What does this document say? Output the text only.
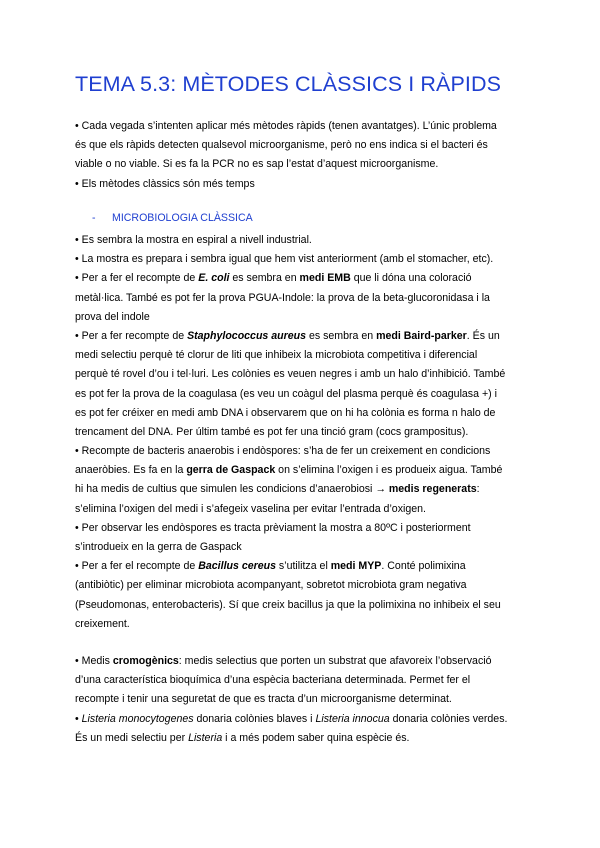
TEMA 5.3: MÈTODES CLÀSSICS I RÀPIDS
• Cada vegada s’intenten aplicar més mètodes ràpids (tenen avantatges). L’únic problema
és que els ràpids detecten qualsevol microorganisme, però no ens indica si el bacteri és
viable o no viable. Si es fa la PCR no es sap l’estat d’aquest microorganisme.
• Els mètodes clàssics són més temps
- MICROBIOLOGIA CLÀSSICA
• Es sembra la mostra en espiral a nivell industrial.
• La mostra es prepara i sembra igual que hem vist anteriorment (amb el stomacher, etc).
• Per a fer el recompte de E. coli es sembra en medi EMB que li dóna una coloració
metàl·lica. També es pot fer la prova PGUA-Indole: la prova de la beta-glucoronidasa i la
prova del indole
• Per a fer recompte de Staphylococcus aureus es sembra en medi Baird-parker. És un
medi selectiu perquè té clorur de liti que inhibeix la microbiota competitiva i diferencial
perquè té rovel d’ou i tel·luri. Les colònies es veuen negres i amb un halo d’inhibició. També
es pot fer la prova de la coagulasa (es veu un coàgul del plasma perquè és coagulasa +) i
es pot fer créixer en medi amb DNA i observarem que on hi ha colònia es forma n halo de
trencament del DNA. Per últim també es pot fer una tinció gram (cocs grampositus).
• Recompte de bacteris anaerobis i endòspores: s’ha de fer un creixement en condicions
anaeròbies. Es fa en la gerra de Gaspack on s’elimina l’oxigen i es produeix aigua. També
hi ha medis de cultius que simulen les condicions d’anaerobiosi → medis regenerats:
s’elimina l’oxigen del medi i s’afegeix vaselina per evitar l’entrada d’oxigen.
• Per observar les endòspores es tracta prèviament la mostra a 80ºC i posteriorment
s’introdueix en la gerra de Gaspack
• Per a fer el recompte de Bacillus cereus s’utilitza el medi MYP. Conté polimixina
(antibiòtic) per eliminar microbiota acompanyant, sobretot microbiota gram negativa
(Pseudomonas, enterobacteris). Sí que creix bacillus ja que la polimixina no inhibeix el seu
creixement.
• Medis cromogènics: medis selectius que porten un substrat que afavoreix l’observació
d’una característica bioquímica d’una espècia bacteriana determinada. Permet fer el
recompte i tenir una seguretat de que es tracta d’un microorganisme determinat.
• Listeria monocytogenes donaria colònies blaves i Listeria innocua donaria colònies verdes.
És un medi selectiu per Listeria i a més podem saber quina espècie és.
